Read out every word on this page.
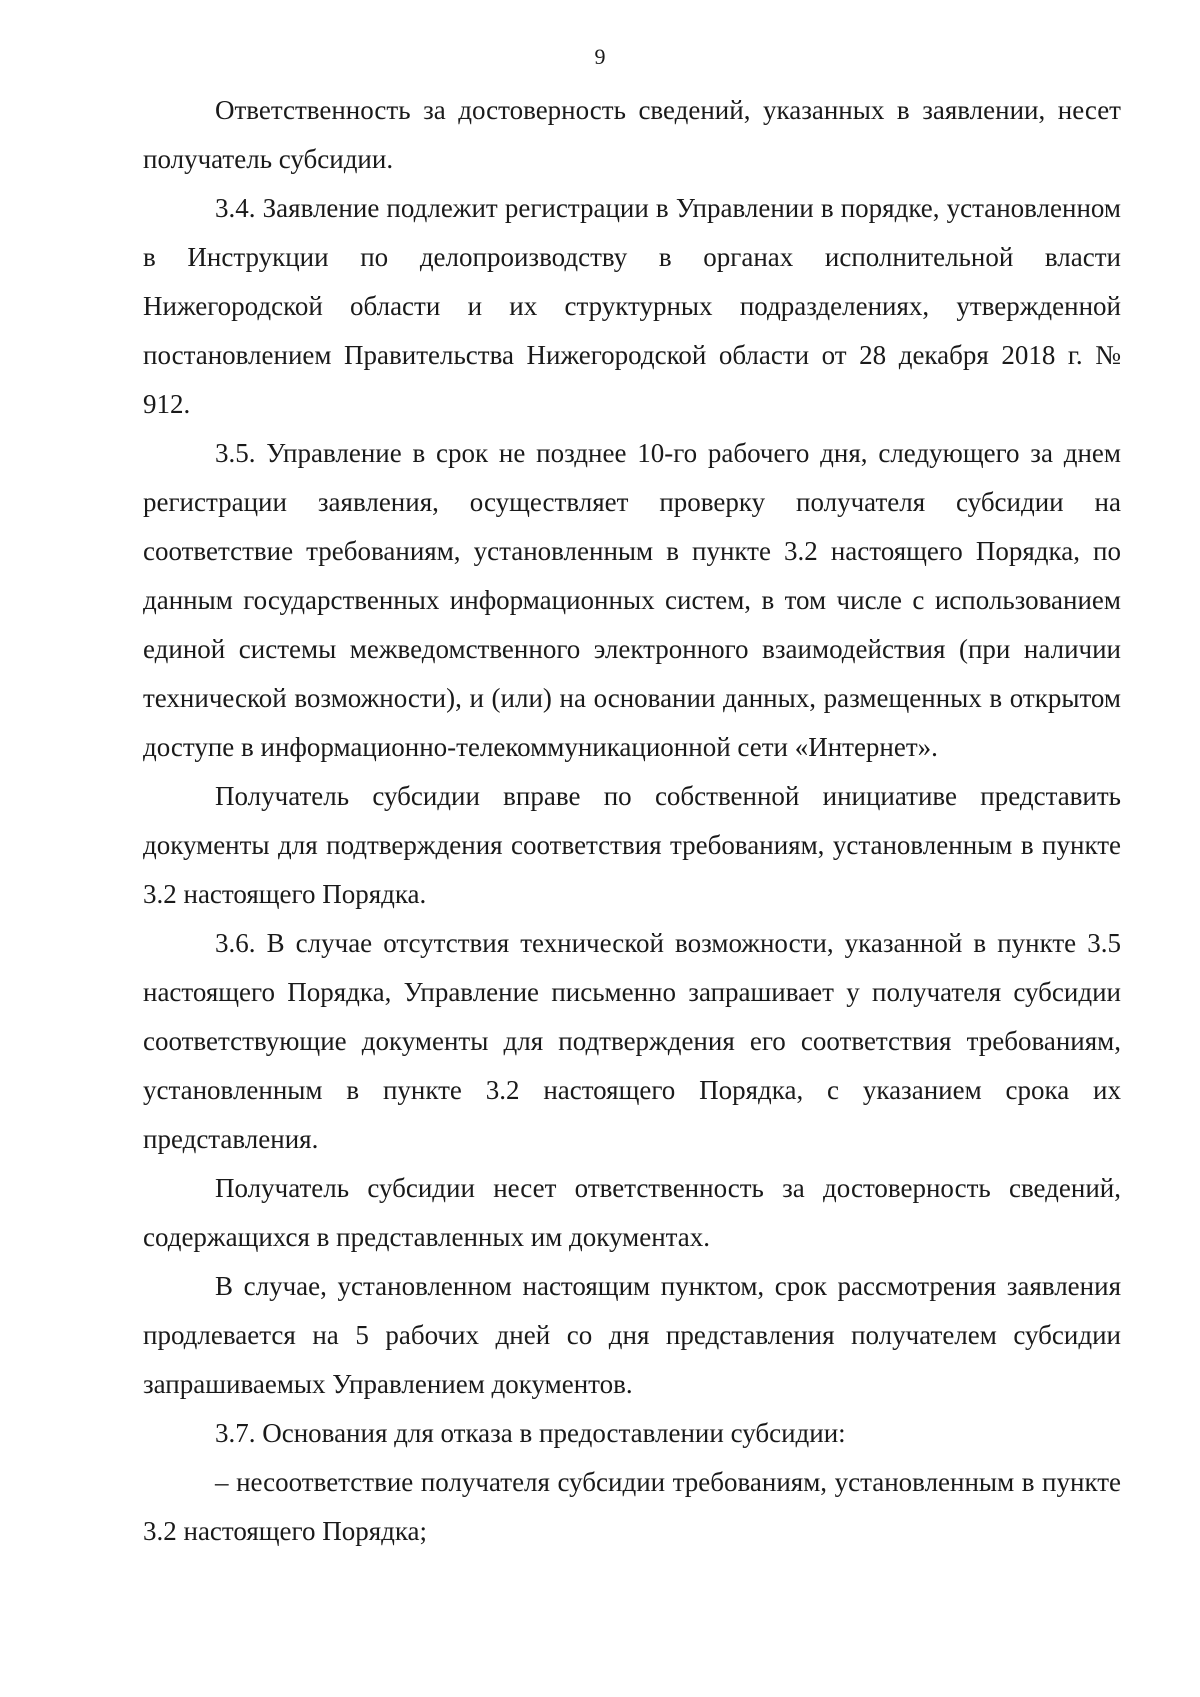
9

Ответственность за достоверность сведений, указанных в заявлении, несет получатель субсидии.

3.4. Заявление подлежит регистрации в Управлении в порядке, установленном в Инструкции по делопроизводству в органах исполнительной власти Нижегородской области и их структурных подразделениях, утвержденной постановлением Правительства Нижегородской области от 28 декабря 2018 г. № 912.

3.5. Управление в срок не позднее 10-го рабочего дня, следующего за днем регистрации заявления, осуществляет проверку получателя субсидии на соответствие требованиям, установленным в пункте 3.2 настоящего Порядка, по данным государственных информационных систем, в том числе с использованием единой системы межведомственного электронного взаимодействия (при наличии технической возможности), и (или) на основании данных, размещенных в открытом доступе в информационно-телекоммуникационной сети «Интернет».

Получатель субсидии вправе по собственной инициативе представить документы для подтверждения соответствия требованиям, установленным в пункте 3.2 настоящего Порядка.

3.6. В случае отсутствия технической возможности, указанной в пункте 3.5 настоящего Порядка, Управление письменно запрашивает у получателя субсидии соответствующие документы для подтверждения его соответствия требованиям, установленным в пункте 3.2 настоящего Порядка, с указанием срока их представления.

Получатель субсидии несет ответственность за достоверность сведений, содержащихся в представленных им документах.

В случае, установленном настоящим пунктом, срок рассмотрения заявления продлевается на 5 рабочих дней со дня представления получателем субсидии запрашиваемых Управлением документов.

3.7. Основания для отказа в предоставлении субсидии:

– несоответствие получателя субсидии требованиям, установленным в пункте 3.2 настоящего Порядка;
